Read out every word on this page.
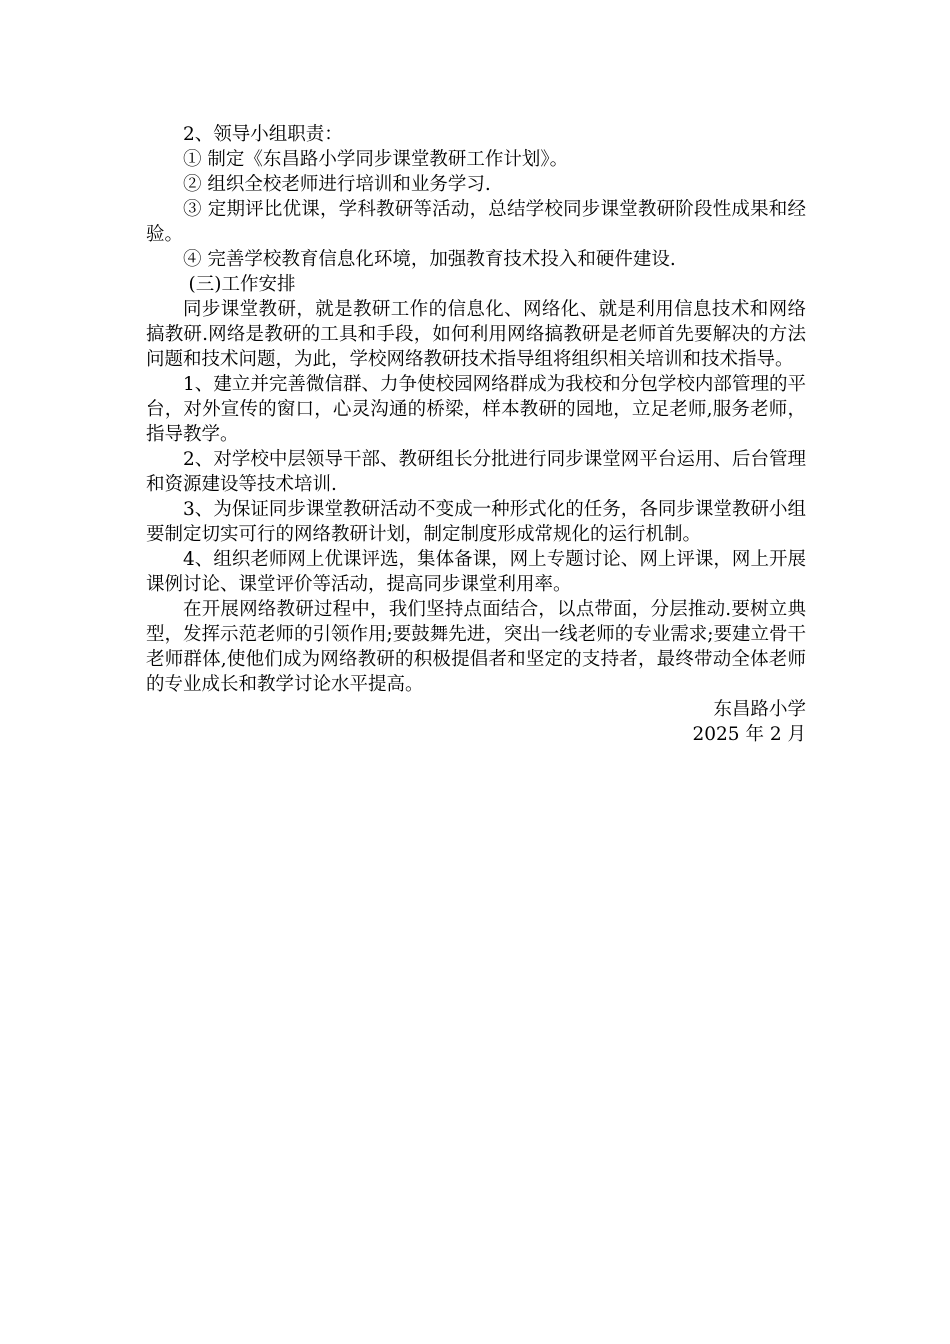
2、领导小组职责：

① 制定《东昌路小学同步课堂教研工作计划》。

② 组织全校老师进行培训和业务学习.

③ 定期评比优课，学科教研等活动，总结学校同步课堂教研阶段性成果和经验。

④ 完善学校教育信息化环境，加强教育技术投入和硬件建设.

(三)工作安排

同步课堂教研，就是教研工作的信息化、网络化、就是利用信息技术和网络搞教研.网络是教研的工具和手段，如何利用网络搞教研是老师首先要解决的方法问题和技术问题，为此，学校网络教研技术指导组将组织相关培训和技术指导。

1、建立并完善微信群、力争使校园网络群成为我校和分包学校内部管理的平台，对外宣传的窗口，心灵沟通的桥梁，样本教研的园地，立足老师,服务老师，指导教学。

2、对学校中层领导干部、教研组长分批进行同步课堂网平台运用、后台管理和资源建设等技术培训.

3、为保证同步课堂教研活动不变成一种形式化的任务，各同步课堂教研小组要制定切实可行的网络教研计划，制定制度形成常规化的运行机制。

4、组织老师网上优课评选，集体备课，网上专题讨论、网上评课，网上开展课例讨论、课堂评价等活动，提高同步课堂利用率。

在开展网络教研过程中，我们坚持点面结合，以点带面，分层推动.要树立典型，发挥示范老师的引领作用;要鼓舞先进，突出一线老师的专业需求;要建立骨干老师群体,使他们成为网络教研的积极提倡者和坚定的支持者，最终带动全体老师的专业成长和教学讨论水平提高。

东昌路小学

2025 年 2 月
